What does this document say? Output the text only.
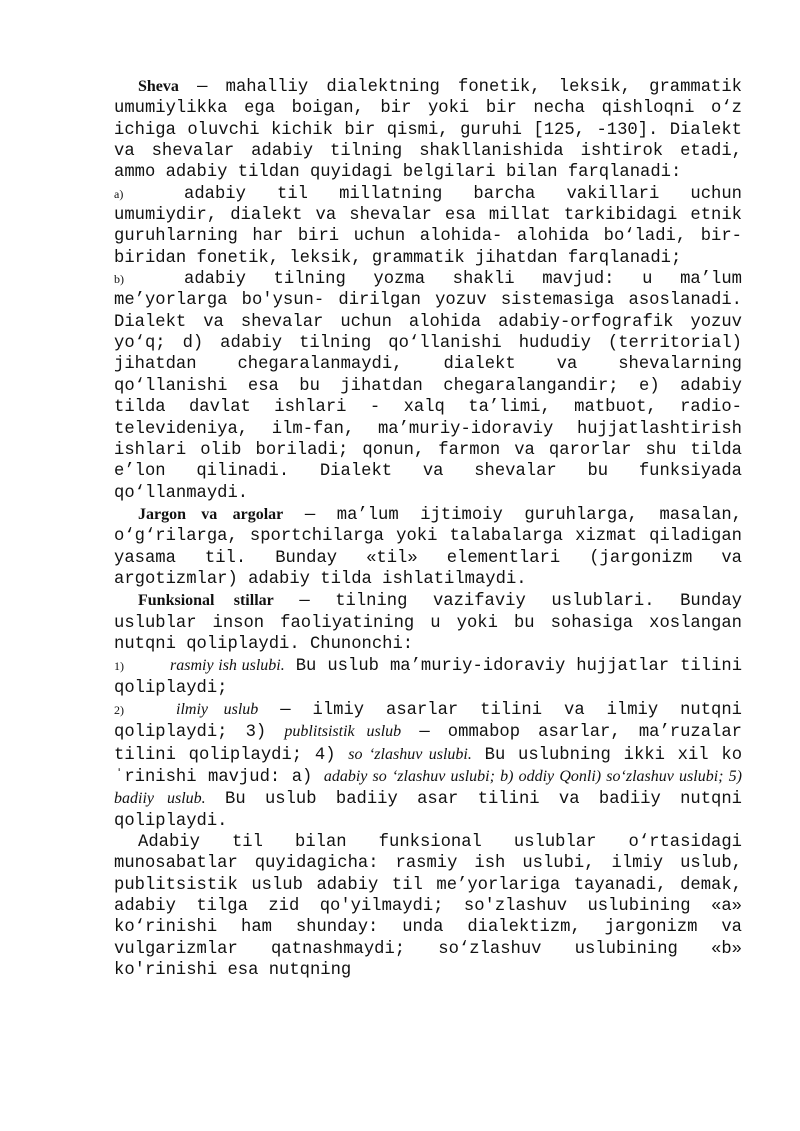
Sheva — mahalliy dialektning fonetik, leksik, grammatik umumiylikka ega boigan, bir yoki bir necha qishloqni o‘z ichiga oluvchi kichik bir qismi, guruhi [125, -130]. Dialekt va shevalar adabiy tilning shakllanishida ishtirok etadi, ammo adabiy tildan quyidagi belgilari bilan farqlanadi:

a)	adabiy til millatning barcha vakillari uchun umumiydir, dialekt va shevalar esa millat tarkibidagi etnik guruhlarning har biri uchun alohida- alohida bo‘ladi, bir-biridan fonetik, leksik, grammatik jihatdan farqlanadi;

b)	adabiy tilning yozma shakli mavjud: u ma’lum me’yorlarga bo'ysun- dirilgan yozuv sistemasiga asoslanadi. Dialekt va shevalar uchun alohida adabiy-orfografik yozuv yo‘q; d) adabiy tilning qo‘llanishi hududiy (territorial) jihatdan chegaralanmaydi, dialekt va shevalarning qo‘llanishi esa bu jihatdan chegaralangandir; e) adabiy tilda davlat ishlari - xalq ta’limi, matbuot, radio-televideniya, ilm-fan, ma’muriy-idoraviy hujjatlashtirish ishlari olib boriladi; qonun, farmon va qarorlar shu tilda e’lon qilinadi. Dialekt va shevalar bu funksiyada qo‘llanmaydi.

Jargon va argolar — ma’lum ijtimoiy guruhlarga, masalan, o‘g‘rilarga, sportchilarga yoki talabalarga xizmat qiladigan yasama til. Bunday «til» elementlari (jargonizm va argotizmlar) adabiy tilda ishlatilmaydi.

Funksional stillar — tilning vazifaviy uslublari. Bunday uslublar inson faoliyatining u yoki bu sohasiga xoslangan nutqni qoliplaydi. Chunonchi:

1)	rasmiy ish uslubi. Bu uslub ma’muriy-idoraviy hujjatlar tilini qoliplaydi;

2)	ilmiy uslub — ilmiy asarlar tilini va ilmiy nutqni qoliplaydi; 3) publitsistik uslub — ommabop asarlar, ma’ruzalar tilini qoliplaydi; 4) so ‘zlashuv uslubi. Bu uslubning ikki xil koˈrinishi mavjud: a) adabiy so ‘zlashuv uslubi; b) oddiy Qonli) so‘zlashuv uslubi; 5) badiiy uslub. Bu uslub badiiy asar tilini va badiiy nutqni qoliplaydi.

Adabiy til bilan funksional uslublar o‘rtasidagi munosabatlar quyidagicha: rasmiy ish uslubi, ilmiy uslub, publitsistik uslub adabiy til me’yorlariga tayanadi, demak, adabiy tilga zid qo'yilmaydi; so'zlashuv uslubining «a» ko‘rinishi ham shunday: unda dialektizm, jargonizm va vulgarizmlar qatnashmaydi; so‘zlashuv uslubining «b» ko'rinishi esa nutqning
